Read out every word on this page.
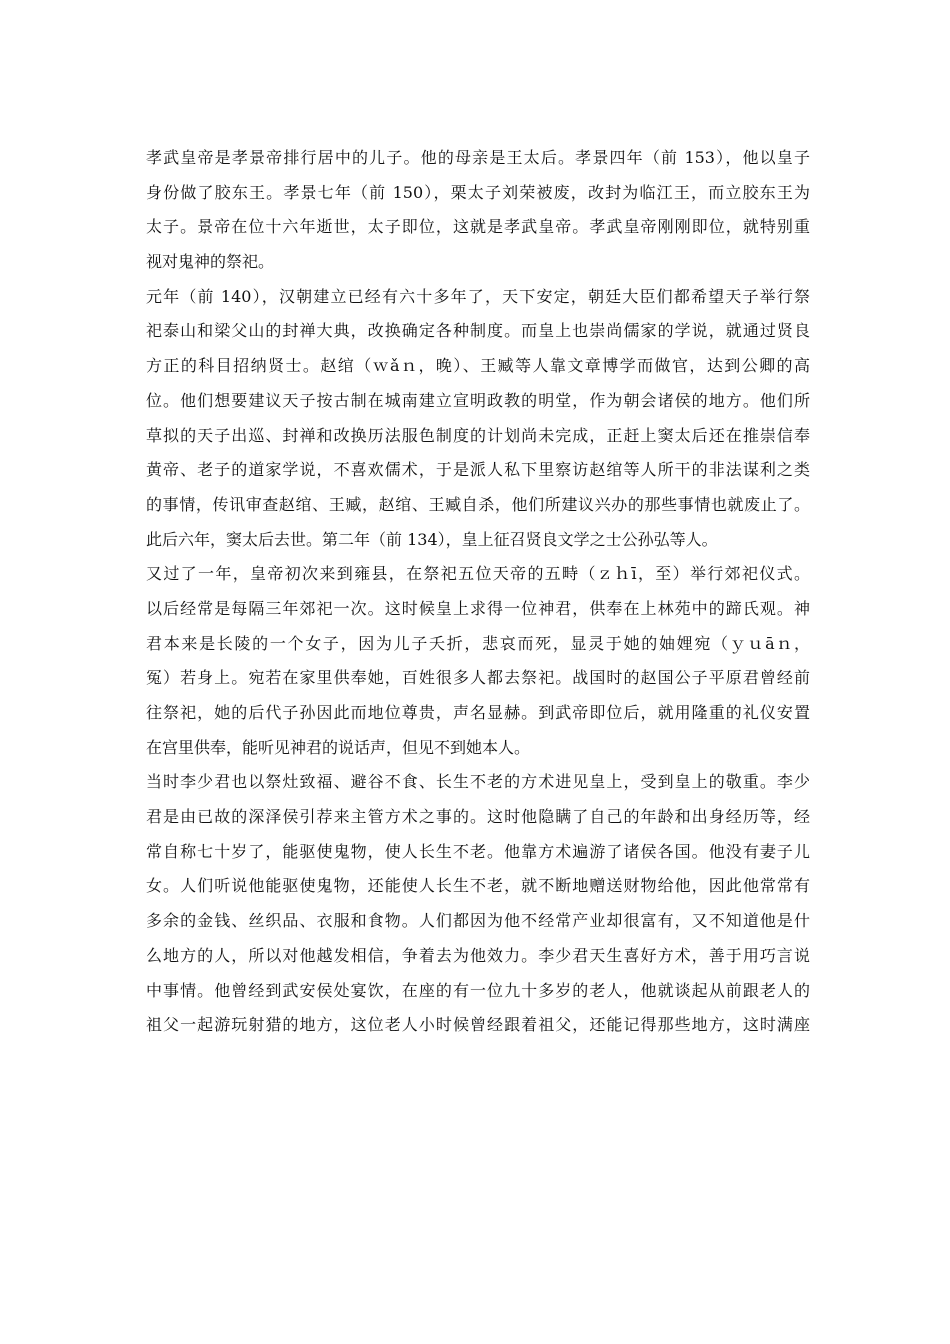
孝武皇帝是孝景帝排行居中的儿子。他的母亲是王太后。孝景四年（前 153），他以皇子
身份做了胶东王。孝景七年（前 150），栗太子刘荣被废，改封为临江王，而立胶东王为
太子。景帝在位十六年逝世，太子即位，这就是孝武皇帝。孝武皇帝刚刚即位，就特别重
视对鬼神的祭祀。
元年（前 140），汉朝建立已经有六十多年了，天下安定，朝廷大臣们都希望天子举行祭
祀泰山和梁父山的封禅大典，改换确定各种制度。而皇上也崇尚儒家的学说，就通过贤良
方正的科目招纳贤士。赵绾（ｗǎｎ，晚）、王臧等人靠文章博学而做官，达到公卿的高
位。他们想要建议天子按古制在城南建立宣明政教的明堂，作为朝会诸侯的地方。他们所
草拟的天子出巡、封禅和改换历法服色制度的计划尚未完成，正赶上窦太后还在推崇信奉
黄帝、老子的道家学说，不喜欢儒术，于是派人私下里察访赵绾等人所干的非法谋利之类
的事情，传讯审查赵绾、王臧，赵绾、王臧自杀，他们所建议兴办的那些事情也就废止了。
此后六年，窦太后去世。第二年（前 134），皇上征召贤良文学之士公孙弘等人。
又过了一年，皇帝初次来到雍县，在祭祀五位天帝的五畤（ｚｈī，至）举行郊祀仪式。
以后经常是每隔三年郊祀一次。这时候皇上求得一位神君，供奉在上林苑中的蹄氏观。神
君本来是长陵的一个女子，因为儿子夭折，悲哀而死，显灵于她的妯娌宛（ｙｕāｎ，
冤）若身上。宛若在家里供奉她，百姓很多人都去祭祀。战国时的赵国公子平原君曾经前
往祭祀，她的后代子孙因此而地位尊贵，声名显赫。到武帝即位后，就用隆重的礼仪安置
在宫里供奉，能听见神君的说话声，但见不到她本人。
当时李少君也以祭灶致福、避谷不食、长生不老的方术进见皇上，受到皇上的敬重。李少
君是由已故的深泽侯引荐来主管方术之事的。这时他隐瞒了自己的年龄和出身经历等，经
常自称七十岁了，能驱使鬼物，使人长生不老。他靠方术遍游了诸侯各国。他没有妻子儿
女。人们听说他能驱使鬼物，还能使人长生不老，就不断地赠送财物给他，因此他常常有
多余的金钱、丝织品、衣服和食物。人们都因为他不经常产业却很富有，又不知道他是什
么地方的人，所以对他越发相信，争着去为他效力。李少君天生喜好方术，善于用巧言说
中事情。他曾经到武安侯处宴饮，在座的有一位九十多岁的老人，他就谈起从前跟老人的
祖父一起游玩射猎的地方，这位老人小时候曾经跟着祖父，还能记得那些地方，这时满座
